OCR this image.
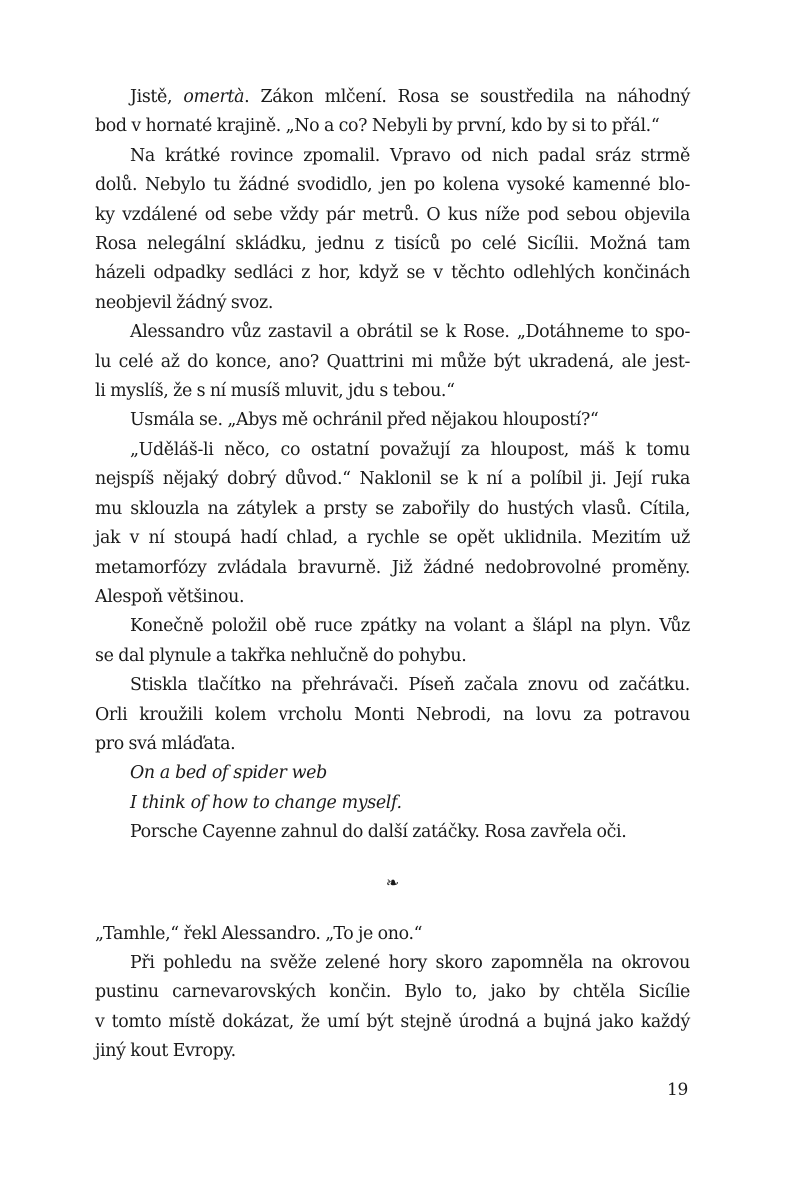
Jistě, omertà. Zákon mlčení. Rosa se soustředila na náhodný
bod v hornaté krajině. „No a co? Nebyli by první, kdo by si to přál.“
Na krátké rovince zpomalil. Vpravo od nich padal sráz strmě
dolů. Nebylo tu žádné svodidlo, jen po kolena vysoké kamenné blo-
ky vzdálené od sebe vždy pár metrů. O kus níže pod sebou objevila
Rosa nelegální skládku, jednu z tisíců po celé Sicílii. Možná tam
házeli odpadky sedláci z hor, když se v těchto odlehlých končinách
neobjevil žádný svoz.
Alessandro vůz zastavil a obrátil se k Rose. „Dotáhneme to spo-
lu celé až do konce, ano? Quattrini mi může být ukradená, ale jest-
li myslíš, že s ní musíš mluvit, jdu s tebou.“
Usmála se. „Abys mě ochránil před nějakou hloupostí?“
„Uděláš-li něco, co ostatní považují za hloupost, máš k tomu
nejspíš nějaký dobrý důvod.“ Naklonil se k ní a políbil ji. Její ruka
mu sklouzla na zátylek a prsty se zabořily do hustých vlasů. Cítila,
jak v ní stoupá hadí chlad, a rychle se opět uklidnila. Mezitím už
metamorfózy zvládala bravurně. Již žádné nedobrovolné proměny.
Alespoň většinou.
Konečně položil obě ruce zpátky na volant a šlápl na plyn. Vůz
se dal plynule a takřka nehlučně do pohybu.
Stiskla tlačítko na přehrávači. Píseň začala znovu od začátku.
Orli kroužili kolem vrcholu Monti Nebrodi, na lovu za potravou
pro svá mláďata.
On a bed of spider web
I think of how to change myself.
Porsche Cayenne zahnul do další zatáčky. Rosa zavřela oči.
❧
„Tamhle,“ řekl Alessandro. „To je ono.“
Při pohledu na svěže zelené hory skoro zapomněla na okrovou
pustinu carnevarovských končin. Bylo to, jako by chtěla Sicílie
v tomto místě dokázat, že umí být stejně úrodná a bujná jako každý
jiný kout Evropy.
19
